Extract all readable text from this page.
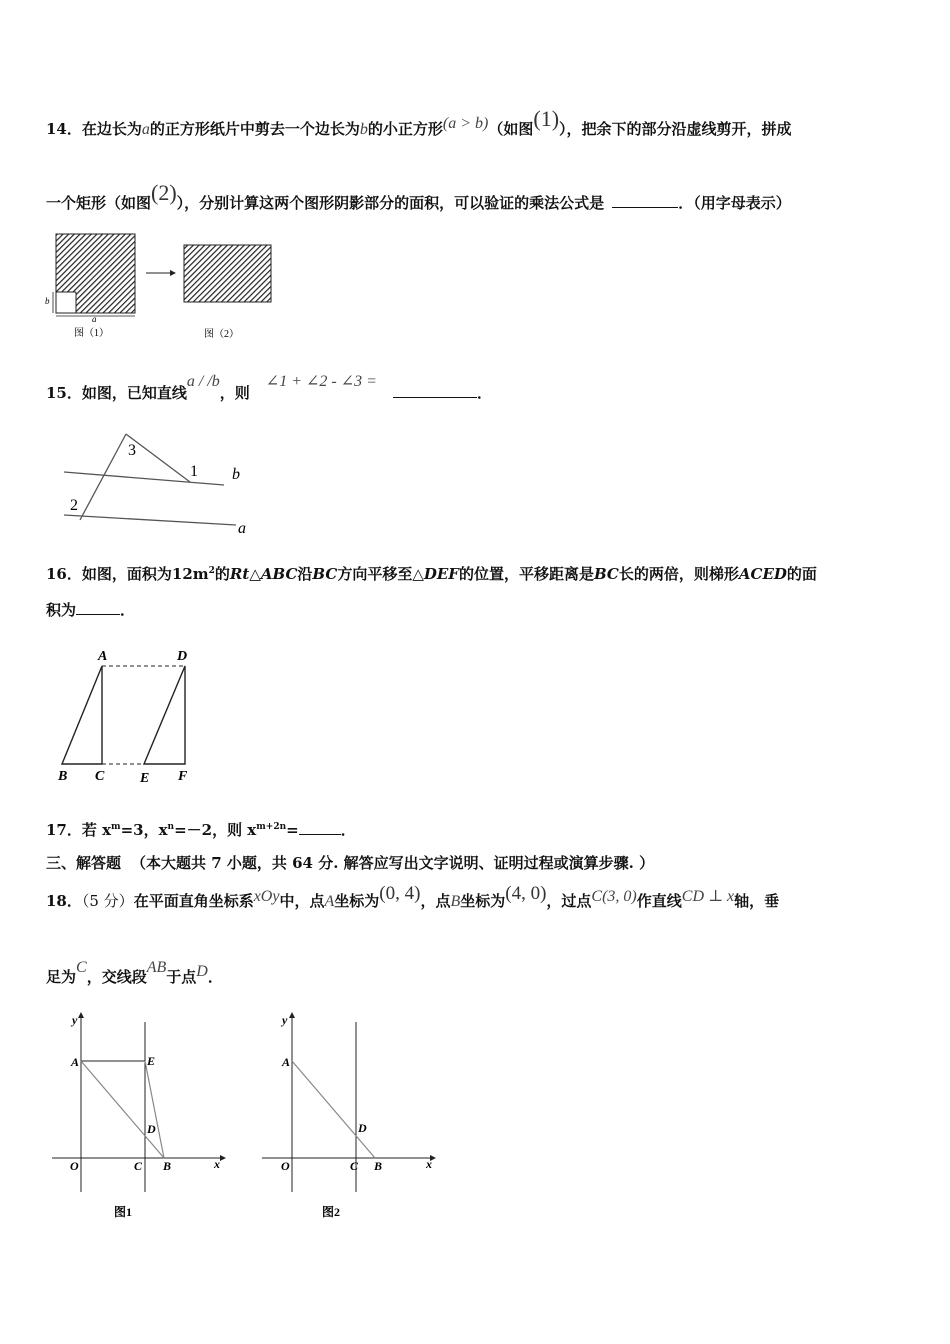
14．在边长为a的正方形纸片中剪去一个边长为b的小正方形(a > b)（如图(1)），把余下的部分沿虚线剪开，拼成
一个矩形（如图(2)），分别计算这两个图形阴影部分的面积，可以验证的乘法公式是	．（用字母表示）
a
b
图（1）	图（2）
15．如图，已知直线a / /b，则∠1 + ∠2 - ∠3 =．
3
1
2
b
a
16．如图，面积为$12m^2$的Rt△ABC沿BC方向平移至△DEF的位置，平移距离是BC长的两倍，则梯形ACED的面
积为	．
A	D
B C	E F
17．若 $x^m=3$，$x^n=-2$，则 $x^{m+2n}=$	．
三、解答题 （本大题共 7 小题，共 64 分. 解答应写出文字说明、证明过程或演算步骤. ）
18．（5 分）在平面直角坐标系xOy中，点A坐标为(0, 4)，点B坐标为(4, 0)，过点C(3, 0)作直线CD ⊥ x轴，垂
足为C，交线段AB于点D．
y
x
A	E
D
O	C B
图1
y
x
A
D
O	C B
图2
